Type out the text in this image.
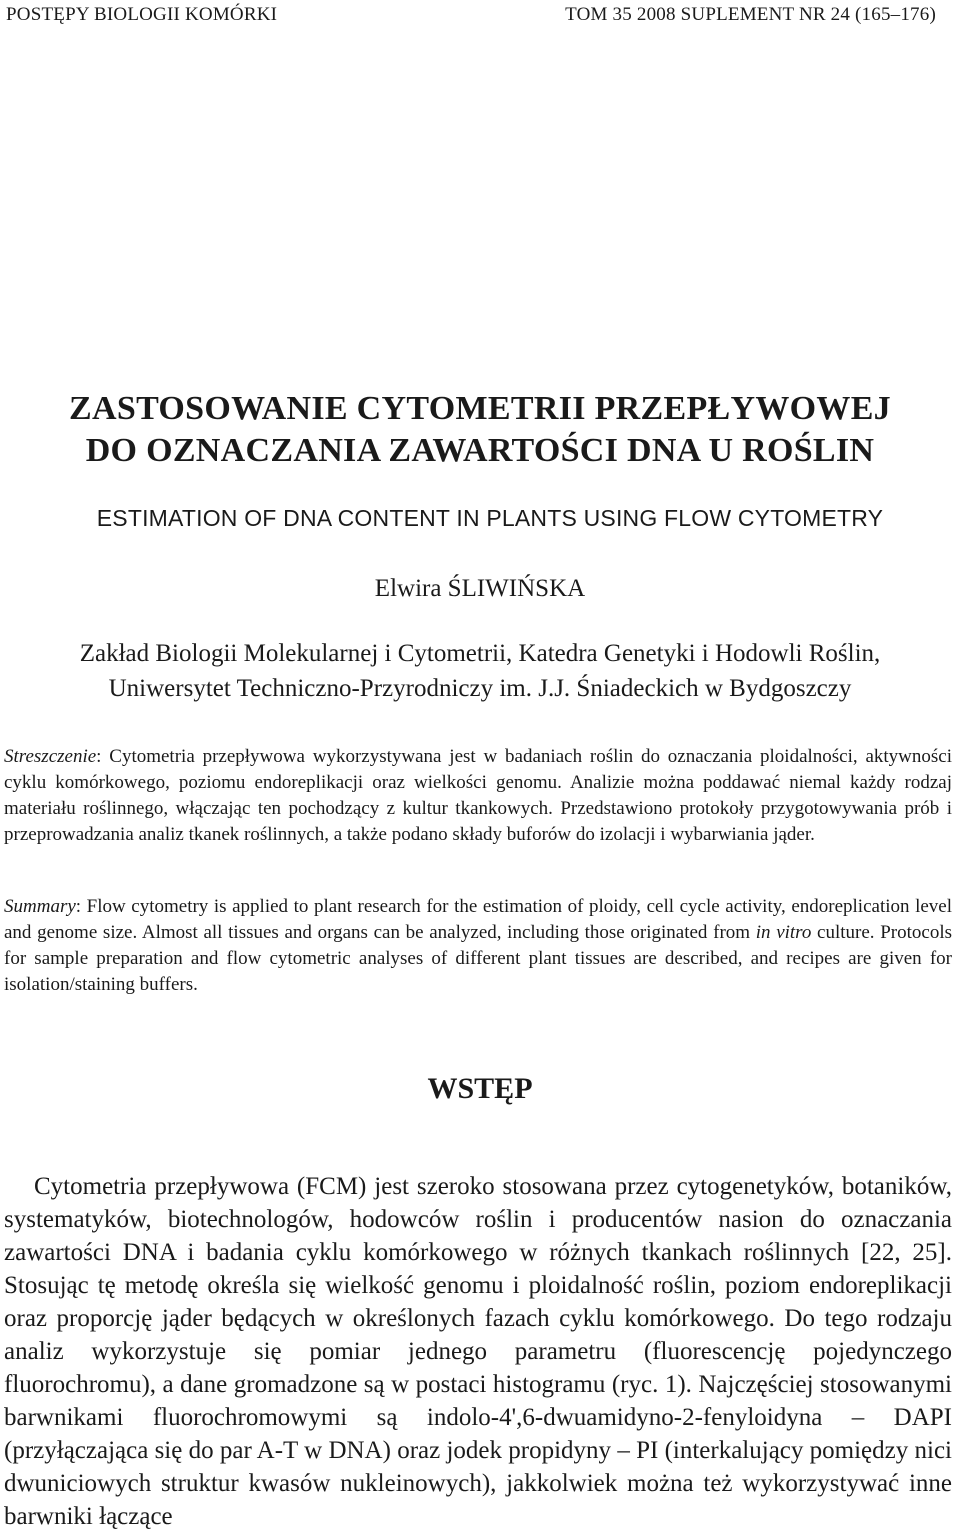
POSTĘPY BIOLOGII KOMÓRKI	TOM 35 2008 SUPLEMENT NR 24 (165–176)
ZASTOSOWANIE CYTOMETRII PRZEPŁYWOWEJ
DO OZNACZANIA ZAWARTOŚCI DNA U ROŚLIN
ESTIMATION OF DNA CONTENT IN PLANTS USING FLOW CYTOMETRY
Elwira ŚLIWIŃSKA
Zakład Biologii Molekularnej i Cytometrii, Katedra Genetyki i Hodowli Roślin,
Uniwersytet Techniczno-Przyrodniczy im. J.J. Śniadeckich w Bydgoszczy
Streszczenie: Cytometria przepływowa wykorzystywana jest w badaniach roślin do oznaczania ploidalności, aktywności cyklu komórkowego, poziomu endoreplikacji oraz wielkości genomu. Analizie można poddawać niemal każdy rodzaj materiału roślinnego, włączając ten pochodzący z kultur tkankowych. Przedstawiono protokoły przygotowywania prób i przeprowadzania analiz tkanek roślinnych, a także podano składy buforów do izolacji i wybarwiania jąder.
Summary: Flow cytometry is applied to plant research for the estimation of ploidy, cell cycle activity, endoreplication level and genome size. Almost all tissues and organs can be analyzed, including those originated from in vitro culture. Protocols for sample preparation and flow cytometric analyses of different plant tissues are described, and recipes are given for isolation/staining buffers.
WSTĘP
Cytometria przepływowa (FCM) jest szeroko stosowana przez cytogenetyków, botaników, systematyków, biotechnologów, hodowców roślin i producentów nasion do oznaczania zawartości DNA i badania cyklu komórkowego w różnych tkankach roślinnych [22, 25]. Stosując tę metodę określa się wielkość genomu i ploidalność roślin, poziom endoreplikacji oraz proporcję jąder będących w określonych fazach cyklu komórkowego. Do tego rodzaju analiz wykorzystuje się pomiar jednego parametru (fluorescencję pojedynczego fluorochromu), a dane gromadzone są w postaci histogramu (ryc. 1). Najczęściej stosowanymi barwnikami fluorochromowymi są indolo-4',6-dwuamidyno-2-fenyloidyna – DAPI (przyłączająca się do par A-T w DNA) oraz jodek propidyny – PI (interkalujący pomiędzy nici dwuniciowych struktur kwasów nukleinowych), jakkolwiek można też wykorzystywać inne barwniki łączące
